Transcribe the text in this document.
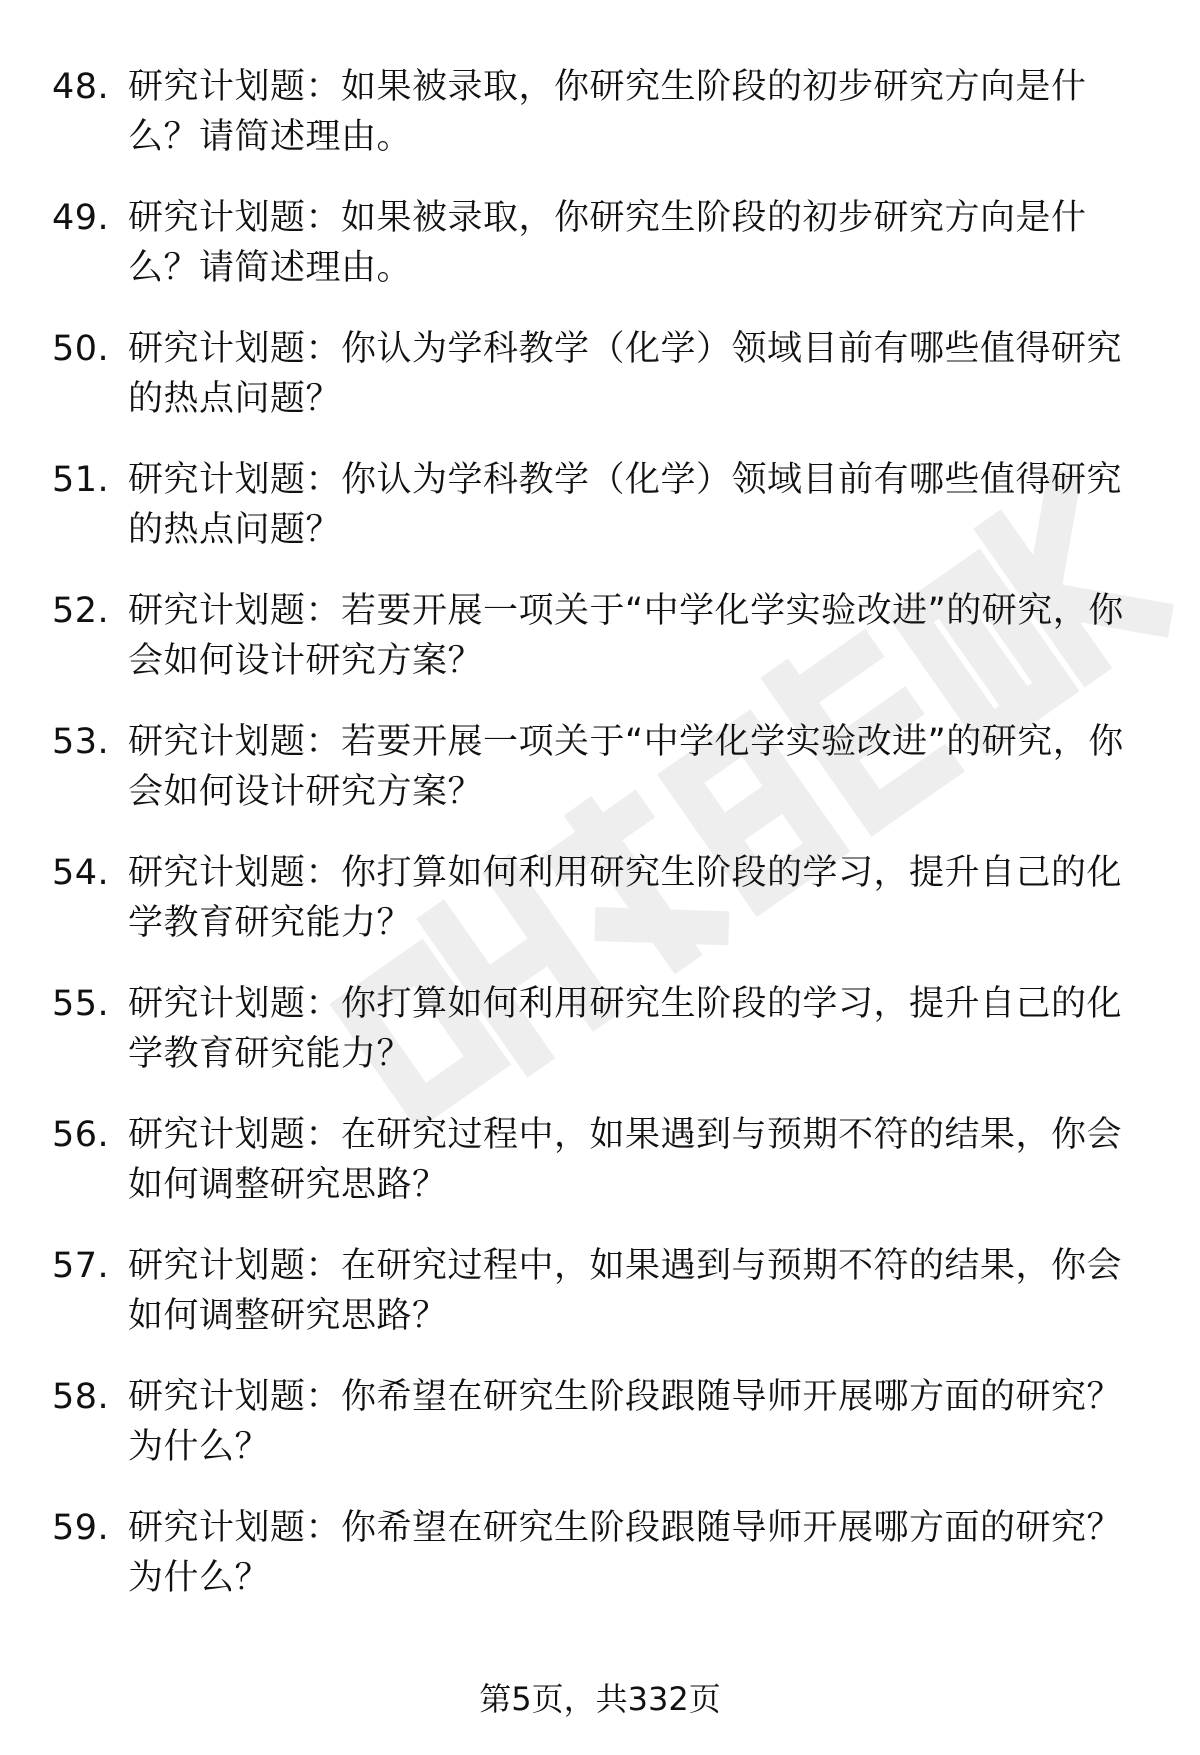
48. 研究计划题：如果被录取，你研究生阶段的初步研究方向是什么？请简述理由。
49. 研究计划题：如果被录取，你研究生阶段的初步研究方向是什么？请简述理由。
50. 研究计划题：你认为学科教学（化学）领域目前有哪些值得研究的热点问题？
51. 研究计划题：你认为学科教学（化学）领域目前有哪些值得研究的热点问题？
52. 研究计划题：若要开展一项关于“中学化学实验改进”的研究，你会如何设计研究方案？
53. 研究计划题：若要开展一项关于“中学化学实验改进”的研究，你会如何设计研究方案？
54. 研究计划题：你打算如何利用研究生阶段的学习，提升自己的化学教育研究能力？
55. 研究计划题：你打算如何利用研究生阶段的学习，提升自己的化学教育研究能力？
56. 研究计划题：在研究过程中，如果遇到与预期不符的结果，你会如何调整研究思路？
57. 研究计划题：在研究过程中，如果遇到与预期不符的结果，你会如何调整研究思路？
58. 研究计划题：你希望在研究生阶段跟随导师开展哪方面的研究？为什么？
59. 研究计划题：你希望在研究生阶段跟随导师开展哪方面的研究？为什么？
第5页，共332页
